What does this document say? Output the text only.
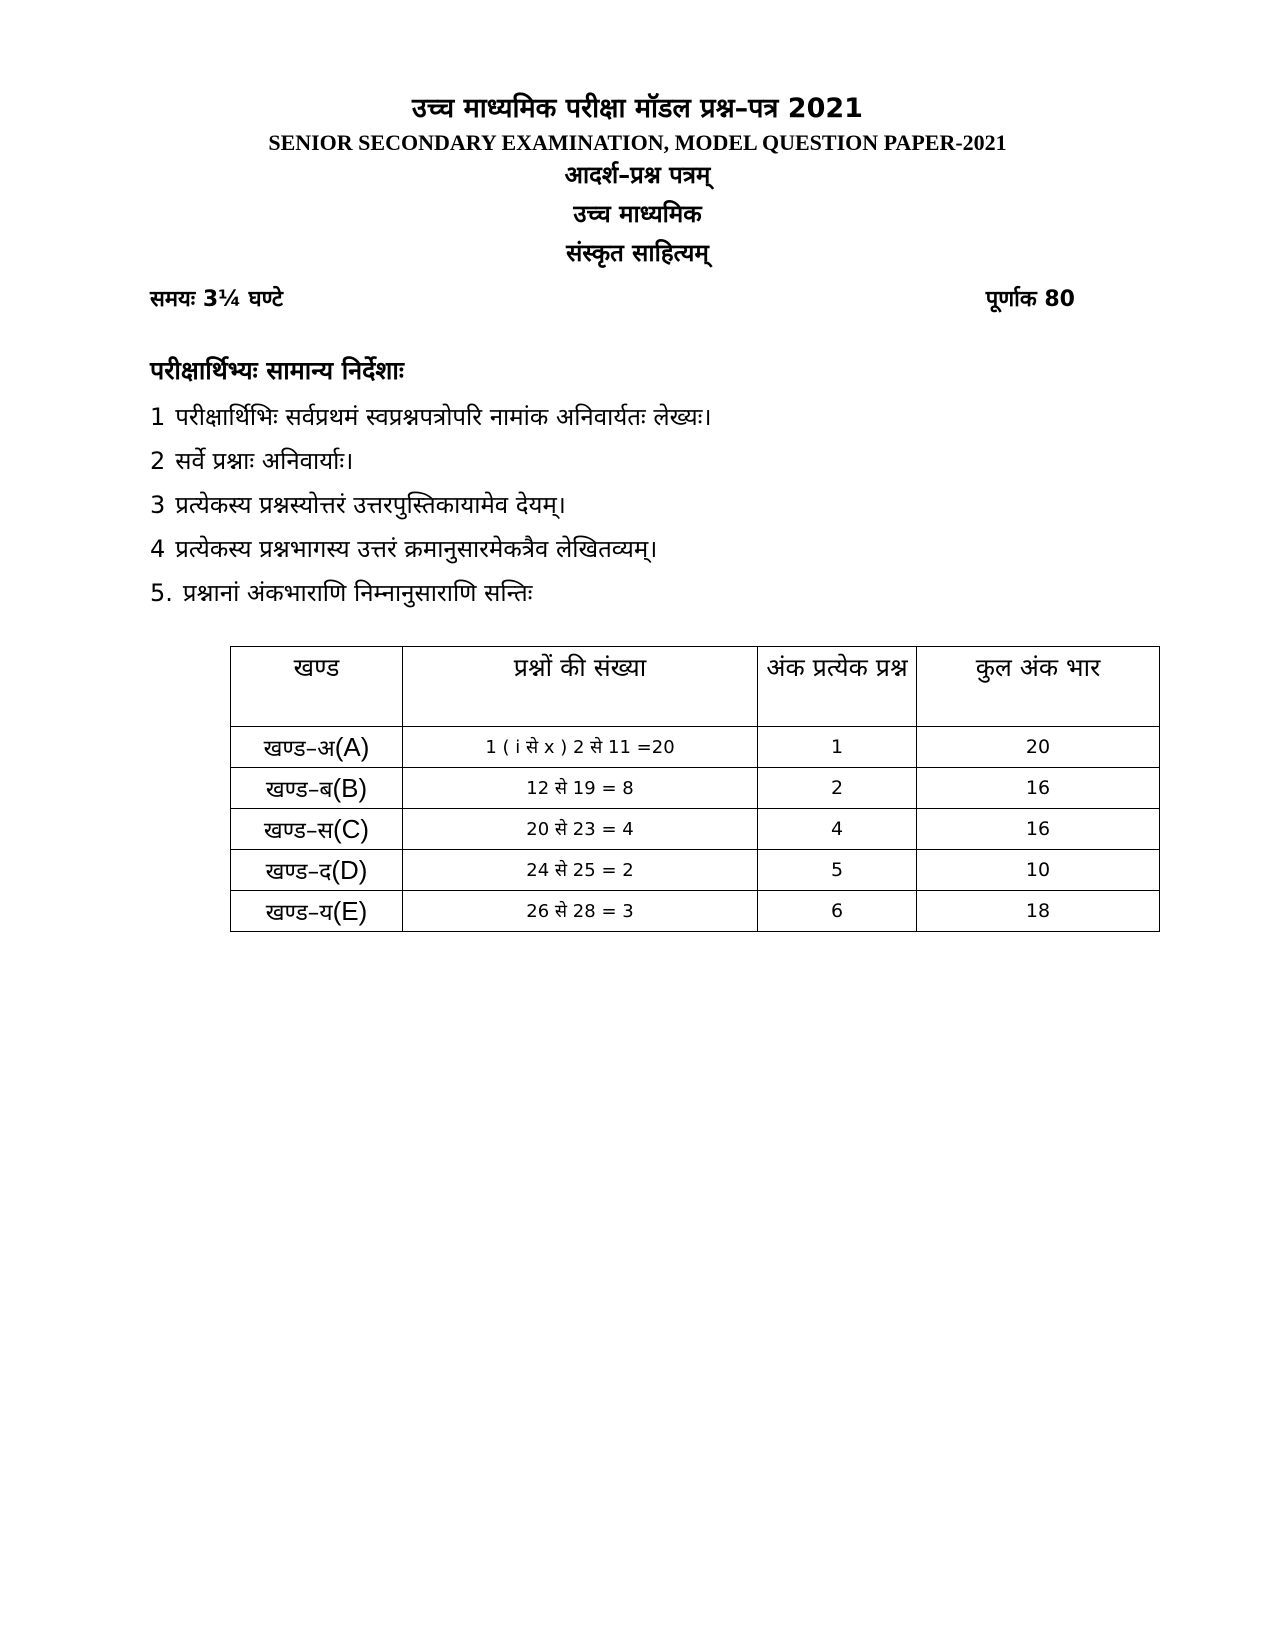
उच्च माध्यमिक परीक्षा मॉडल प्रश्न–पत्र 2021
SENIOR SECONDARY EXAMINATION, MODEL QUESTION PAPER-2021
आदर्श–प्रश्न पत्रम्
उच्च माध्यमिक
संस्कृत साहित्यम्
समयः 3¼ घण्टे	पूर्णाक 80
परीक्षार्थिभ्यः सामान्य निर्देशाः
1 परीक्षार्थिभिः सर्वप्रथमं स्वप्रश्नपत्रोपरि नामांक अनिवार्यतः लेख्यः।
2 सर्वे प्रश्नाः अनिवार्याः।
3 प्रत्येकस्य प्रश्नस्योत्तरं उत्तरपुस्तिकायामेव देयम्।
4 प्रत्येकस्य प्रश्नभागस्य उत्तरं क्रमानुसारमेकत्रैव लेखितव्यम्।
5. प्रश्नानां अंकभाराणि निम्नानुसाराणि सन्तिः
खण्ड	प्रश्नों की संख्या	अंक प्रत्येक प्रश्न	कुल अंक भार
खण्ड–अ(A)	1 ( i से x ) 2 से 11 =20	1	20
खण्ड–ब(B)	12 से 19 = 8	2	16
खण्ड–स(C)	20 से 23 = 4	4	16
खण्ड–द(D)	24 से 25 = 2	5	10
खण्ड–य(E)	26 से 28 = 3	6	18
